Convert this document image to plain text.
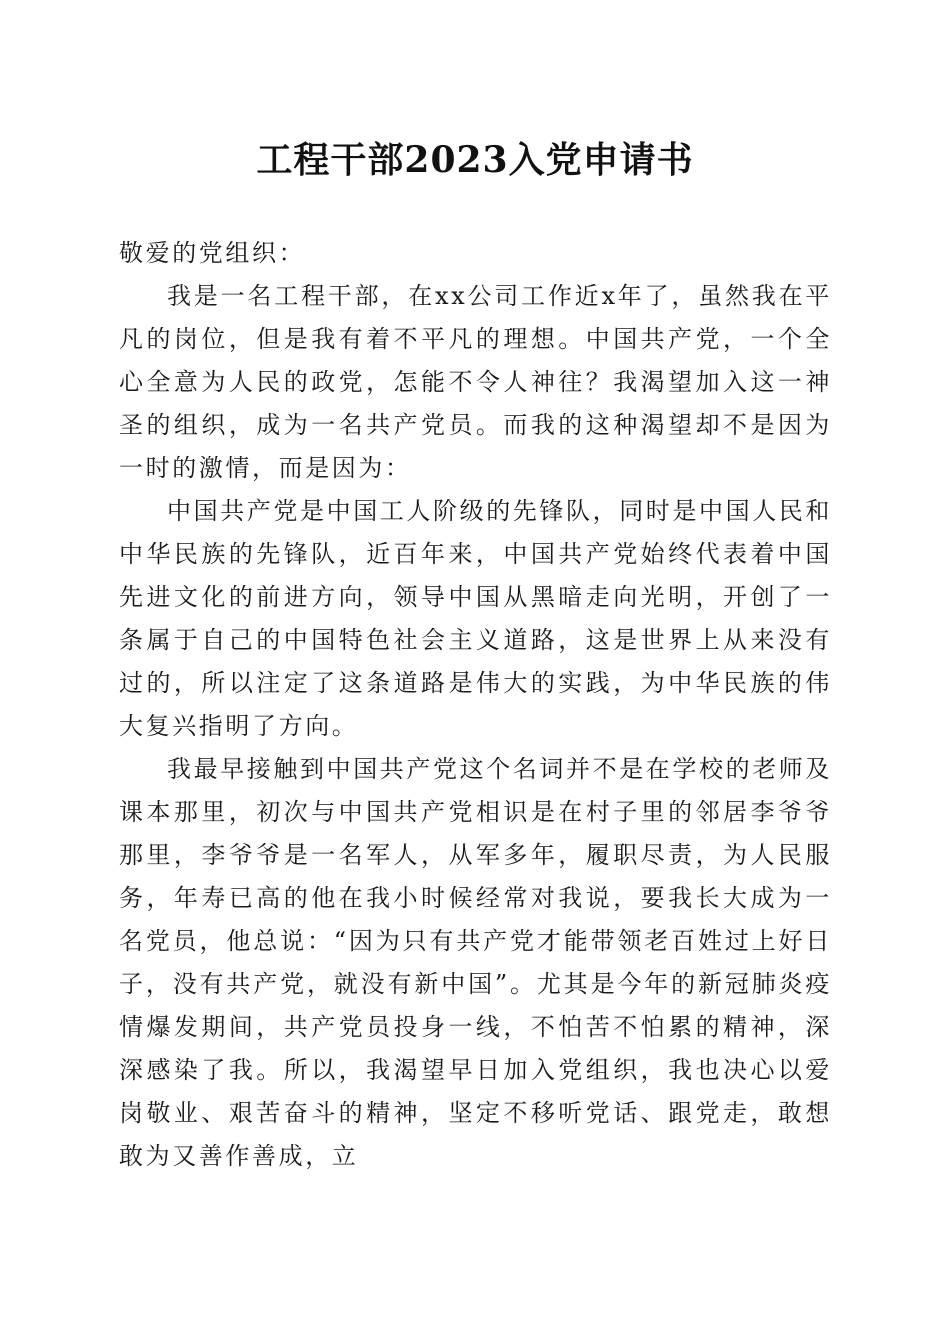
工程干部2023入党申请书

敬爱的党组织：

我是一名工程干部，在xx公司工作近x年了，虽然我在平凡的岗位，但是我有着不平凡的理想。中国共产党，一个全心全意为人民的政党，怎能不令人神往？我渴望加入这一神圣的组织，成为一名共产党员。而我的这种渴望却不是因为一时的激情，而是因为：

中国共产党是中国工人阶级的先锋队，同时是中国人民和中华民族的先锋队，近百年来，中国共产党始终代表着中国先进文化的前进方向，领导中国从黑暗走向光明，开创了一条属于自己的中国特色社会主义道路，这是世界上从来没有过的，所以注定了这条道路是伟大的实践，为中华民族的伟大复兴指明了方向。

我最早接触到中国共产党这个名词并不是在学校的老师及课本那里，初次与中国共产党相识是在村子里的邻居李爷爷那里，李爷爷是一名军人，从军多年，履职尽责，为人民服务，年寿已高的他在我小时候经常对我说，要我长大成为一名党员，他总说：“因为只有共产党才能带领老百姓过上好日子，没有共产党，就没有新中国”。尤其是今年的新冠肺炎疫情爆发期间，共产党员投身一线，不怕苦不怕累的精神，深深感染了我。所以，我渴望早日加入党组织，我也决心以爱岗敬业、艰苦奋斗的精神，坚定不移听党话、跟党走，敢想敢为又善作善成，立
